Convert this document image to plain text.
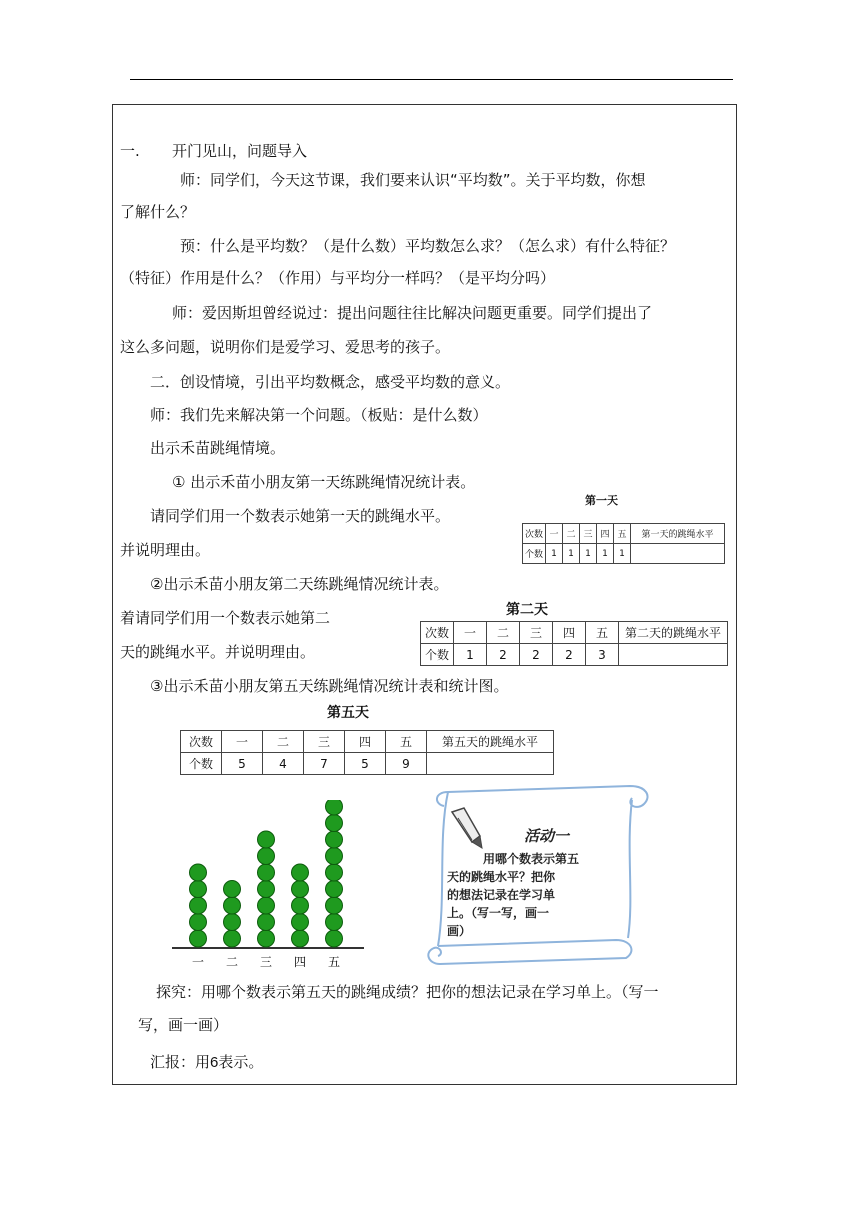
一. 开门见山，问题导入
师：同学们，今天这节课，我们要来认识“平均数”。关于平均数，你想
了解什么？
预：什么是平均数？（是什么数）平均数怎么求？（怎么求）有什么特征？
（特征）作用是什么？（作用）与平均分一样吗？（是平均分吗）
师：爱因斯坦曾经说过：提出问题往往比解决问题更重要。同学们提出了
这么多问题，说明你们是爱学习、爱思考的孩子。
二．创设情境，引出平均数概念，感受平均数的意义。
师：我们先来解决第一个问题。（板贴：是什么数）
出示禾苗跳绳情境。
① 出示禾苗小朋友第一天练跳绳情况统计表。
请同学们用一个数表示她第一天的跳绳水平。
并说明理由。
②出示禾苗小朋友第二天练跳绳情况统计表。
着请同学们用一个数表示她第二
天的跳绳水平。并说明理由。
③出示禾苗小朋友第五天练跳绳情况统计表和统计图。
第一天
次数	一	二	三	四	五	第一天的跳绳水平
个数	1	1	1	1	1	
第二天
次数	一	二	三	四	五	第二天的跳绳水平
个数	1	2	2	2	3	
第五天
次数	一	二	三	四	五	第五天的跳绳水平
个数	5	4	7	5	9	
一 二 三 四 五
活动一
用哪个数表示第五
天的跳绳水平？把你
的想法记录在学习单
上。（写一写，画一
画）
探究：用哪个数表示第五天的跳绳成绩？把你的想法记录在学习单上。（写一
写，画一画）
汇报：用6表示。
